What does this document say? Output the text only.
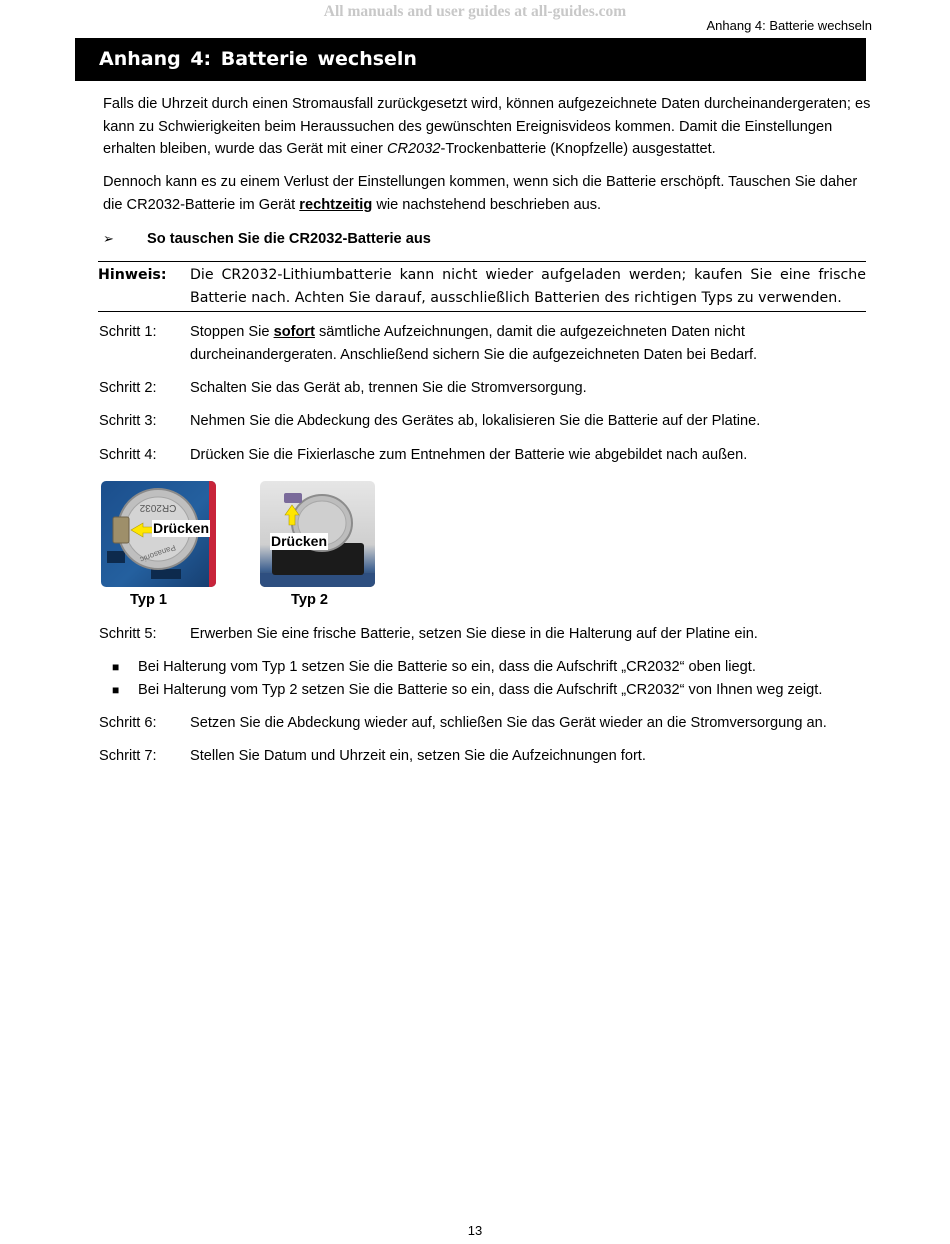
All manuals and user guides at all-guides.com
Anhang 4: Batterie wechseln
Anhang 4: Batterie wechseln
Falls die Uhrzeit durch einen Stromausfall zurückgesetzt wird, können aufgezeichnete Daten durcheinandergeraten; es kann zu Schwierigkeiten beim Heraussuchen des gewünschten Ereignisvideos kommen. Damit die Einstellungen erhalten bleiben, wurde das Gerät mit einer CR2032-Trockenbatterie (Knopfzelle) ausgestattet.
Dennoch kann es zu einem Verlust der Einstellungen kommen, wenn sich die Batterie erschöpft. Tauschen Sie daher die CR2032-Batterie im Gerät rechtzeitig wie nachstehend beschrieben aus.
➢ So tauschen Sie die CR2032-Batterie aus
Hinweis:	Die CR2032-Lithiumbatterie kann nicht wieder aufgeladen werden; kaufen Sie eine frische Batterie nach. Achten Sie darauf, ausschließlich Batterien des richtigen Typs zu verwenden.
Schritt 1:	Stoppen Sie sofort sämtliche Aufzeichnungen, damit die aufgezeichneten Daten nicht durcheinandergeraten. Anschließend sichern Sie die aufgezeichneten Daten bei Bedarf.
Schritt 2:	Schalten Sie das Gerät ab, trennen Sie die Stromversorgung.
Schritt 3:	Nehmen Sie die Abdeckung des Gerätes ab, lokalisieren Sie die Batterie auf der Platine.
Schritt 4:	Drücken Sie die Fixierlasche zum Entnehmen der Batterie wie abgebildet nach außen.
CR2032
Panasonic
Drücken
Drücken
Typ 1	Typ 2
Schritt 5:	Erwerben Sie eine frische Batterie, setzen Sie diese in die Halterung auf der Platine ein.
■	Bei Halterung vom Typ 1 setzen Sie die Batterie so ein, dass die Aufschrift „CR2032“ oben liegt.
■	Bei Halterung vom Typ 2 setzen Sie die Batterie so ein, dass die Aufschrift „CR2032“ von Ihnen weg zeigt.
Schritt 6:	Setzen Sie die Abdeckung wieder auf, schließen Sie das Gerät wieder an die Stromversorgung an.
Schritt 7:	Stellen Sie Datum und Uhrzeit ein, setzen Sie die Aufzeichnungen fort.
13
